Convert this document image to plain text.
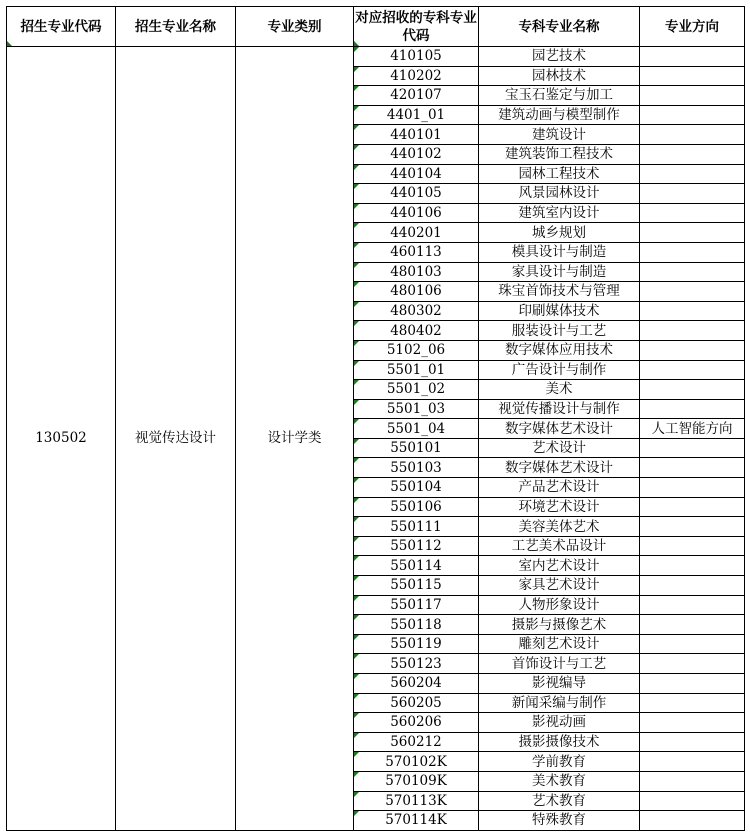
招生专业代码	招生专业名称	专业类别	对应招收的专科专业代码	专科专业名称	专业方向
130502	视觉传达设计	设计学类	410105	园艺技术	

410202	园林技术	

420107	宝玉石鉴定与加工	

4401_01	建筑动画与模型制作	

440101	建筑设计	

440102	建筑装饰工程技术	

440104	园林工程技术	

440105	风景园林设计	

440106	建筑室内设计	

440201	城乡规划	

460113	模具设计与制造	

480103	家具设计与制造	

480106	珠宝首饰技术与管理	

480302	印刷媒体技术	

480402	服装设计与工艺	

5102_06	数字媒体应用技术	

5501_01	广告设计与制作	

5501_02	美术	

5501_03	视觉传播设计与制作	

5501_04	数字媒体艺术设计	人工智能方向

550101	艺术设计	

550103	数字媒体艺术设计	

550104	产品艺术设计	

550106	环境艺术设计	

550111	美容美体艺术	

550112	工艺美术品设计	

550114	室内艺术设计	

550115	家具艺术设计	

550117	人物形象设计	

550118	摄影与摄像艺术	

550119	雕刻艺术设计	

550123	首饰设计与工艺	

560204	影视编导	

560205	新闻采编与制作	

560206	影视动画	

560212	摄影摄像技术	

570102K	学前教育	

570109K	美术教育	

570113K	艺术教育	

570114K	特殊教育	
